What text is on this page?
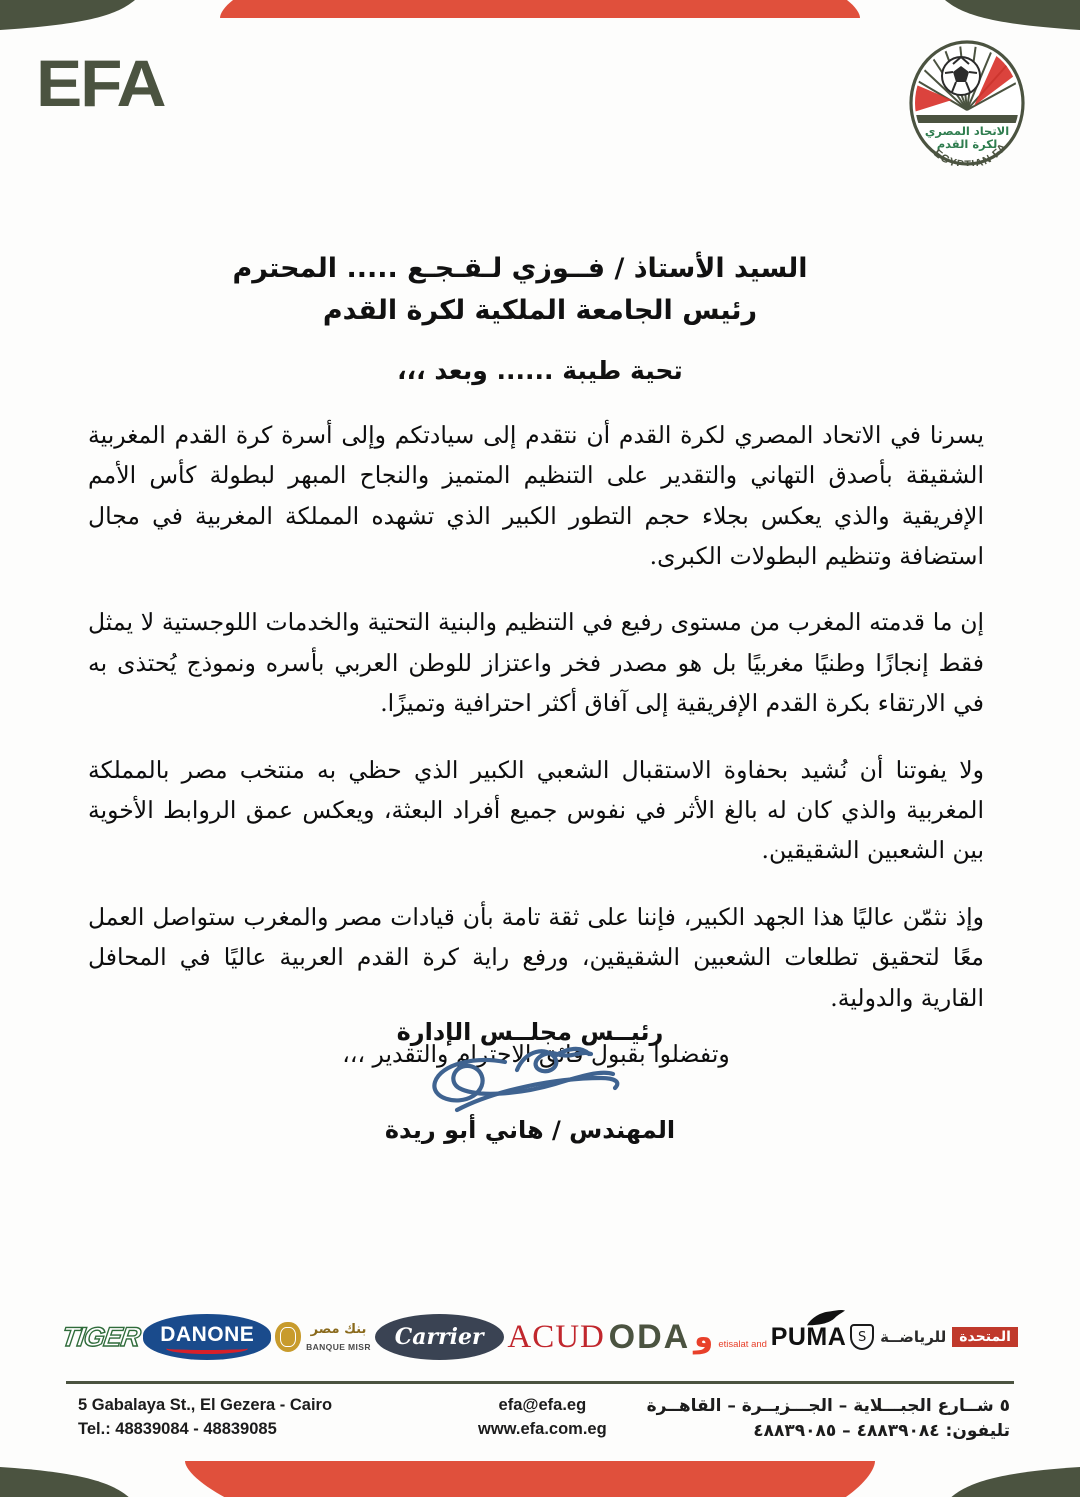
EFA
الاتحاد المصري
لكرة القدم
EGYPTIAN FA
السيد الأستاذ / فــوزي لـقـجـع ..... المحترم
رئيس الجامعة الملكية لكرة القدم
تحية طيبة ...... وبعد ،،،

يسرنا في الاتحاد المصري لكرة القدم أن نتقدم إلى سيادتكم وإلى أسرة كرة القدم المغربية الشقيقة بأصدق التهاني والتقدير على التنظيم المتميز والنجاح المبهر لبطولة كأس الأمم الإفريقية والذي يعكس بجلاء حجم التطور الكبير الذي تشهده المملكة المغربية في مجال استضافة وتنظيم البطولات الكبرى.

إن ما قدمته المغرب من مستوى رفيع في التنظيم والبنية التحتية والخدمات اللوجستية لا يمثل فقط إنجازًا وطنيًا مغربيًا بل هو مصدر فخر واعتزاز للوطن العربي بأسره ونموذج يُحتذى به في الارتقاء بكرة القدم الإفريقية إلى آفاق أكثر احترافية وتميزًا.

ولا يفوتنا أن نُشيد بحفاوة الاستقبال الشعبي الكبير الذي حظي به منتخب مصر بالمملكة المغربية والذي كان له بالغ الأثر في نفوس جميع أفراد البعثة، ويعكس عمق الروابط الأخوية بين الشعبين الشقيقين.

وإذ نثمّن عاليًا هذا الجهد الكبير، فإننا على ثقة تامة بأن قيادات مصر والمغرب ستواصل العمل معًا لتحقيق تطلعات الشعبين الشقيقين، ورفع راية كرة القدم العربية عاليًا في المحافل القارية والدولية.

وتفضلوا بقبول فائق الاحترام والتقدير ،،،

رئيــس مجلــس الإدارة
المهندس / هاني أبو ريدة
TIGER DANONE	بنك مصر
BANQUE MISR	Carrier ACUD ODA و etisalat and PUMA S للرياضــة المتحدة
5 Gabalaya St., El Gezera - Cairo
Tel.: 48839084 - 48839085
efa@efa.eg
www.efa.com.eg
٥ شــارع الجبـــلاية – الجـــزيــرة – القاهــرة
تليفون: ٤٨٨٣٩٠٨٤ – ٤٨٨٣٩٠٨٥
